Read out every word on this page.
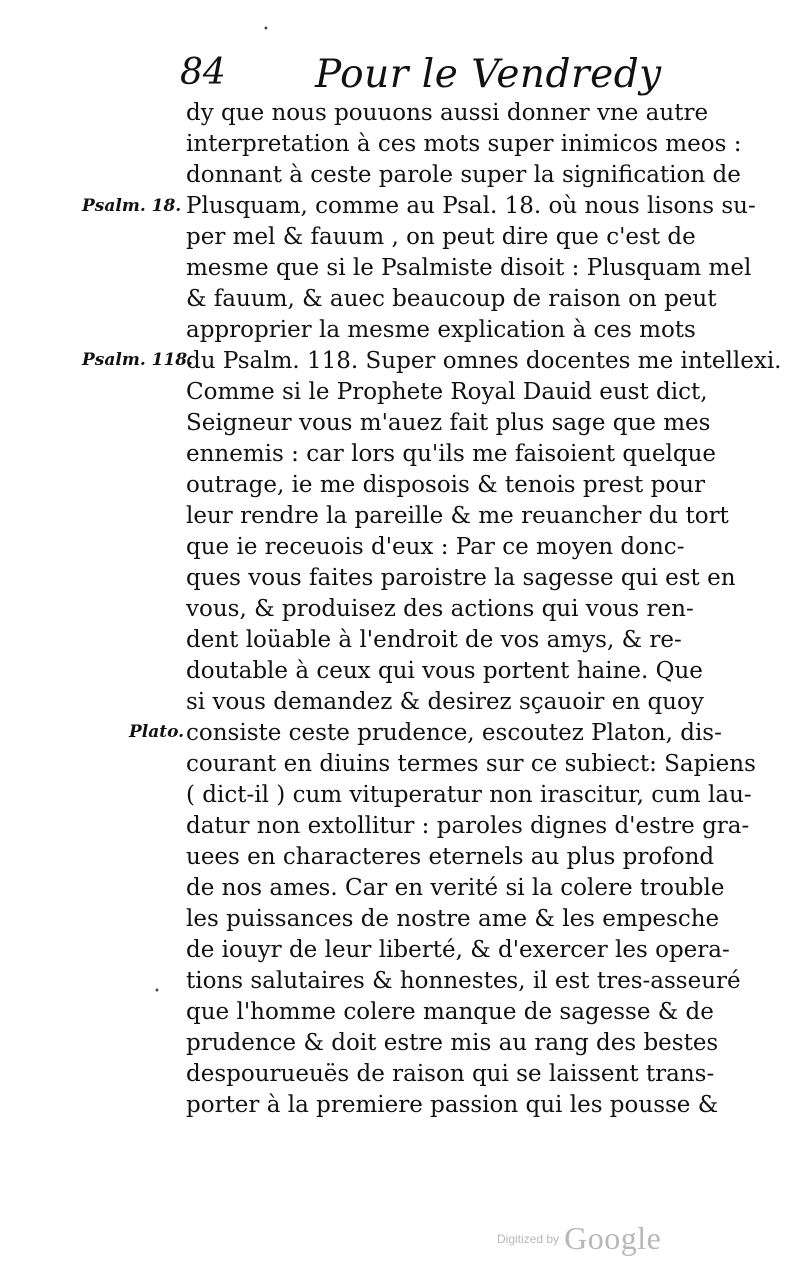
84 Pour le Vendredy
Psalm. 18.
Psalm. 118.
Plato.
•
•
dy que nous pouuons aussi donner vne autre
interpretation à ces mots super inimicos meos :
donnant à ceste parole super la signification de
Plusquam, comme au Psal. 18. où nous lisons su-
per mel & fauum , on peut dire que c'est de
mesme que si le Psalmiste disoit : Plusquam mel
& fauum, & auec beaucoup de raison on peut
approprier la mesme explication à ces mots
du Psalm. 118. Super omnes docentes me intellexi.
Comme si le Prophete Royal Dauid eust dict,
Seigneur vous m'auez fait plus sage que mes
ennemis : car lors qu'ils me faisoient quelque
outrage, ie me disposois & tenois prest pour
leur rendre la pareille & me reuancher du tort
que ie receuois d'eux : Par ce moyen donc-
ques vous faites paroistre la sagesse qui est en
vous, & produisez des actions qui vous ren-
dent loüable à l'endroit de vos amys, & re-
doutable à ceux qui vous portent haine. Que
si vous demandez & desirez sçauoir en quoy
consiste ceste prudence, escoutez Platon, dis-
courant en diuins termes sur ce subiect: Sapiens
( dict-il ) cum vituperatur non irascitur, cum lau-
datur non extollitur : paroles dignes d'estre gra-
uees en characteres eternels au plus profond
de nos ames. Car en verité si la colere trouble
les puissances de nostre ame & les empesche
de iouyr de leur liberté, & d'exercer les opera-
tions salutaires & honnestes, il est tres-asseuré
que l'homme colere manque de sagesse & de
prudence & doit estre mis au rang des bestes
despourueuës de raison qui se laissent trans-
porter à la premiere passion qui les pousse &
$^{Digitized by}$ Google
